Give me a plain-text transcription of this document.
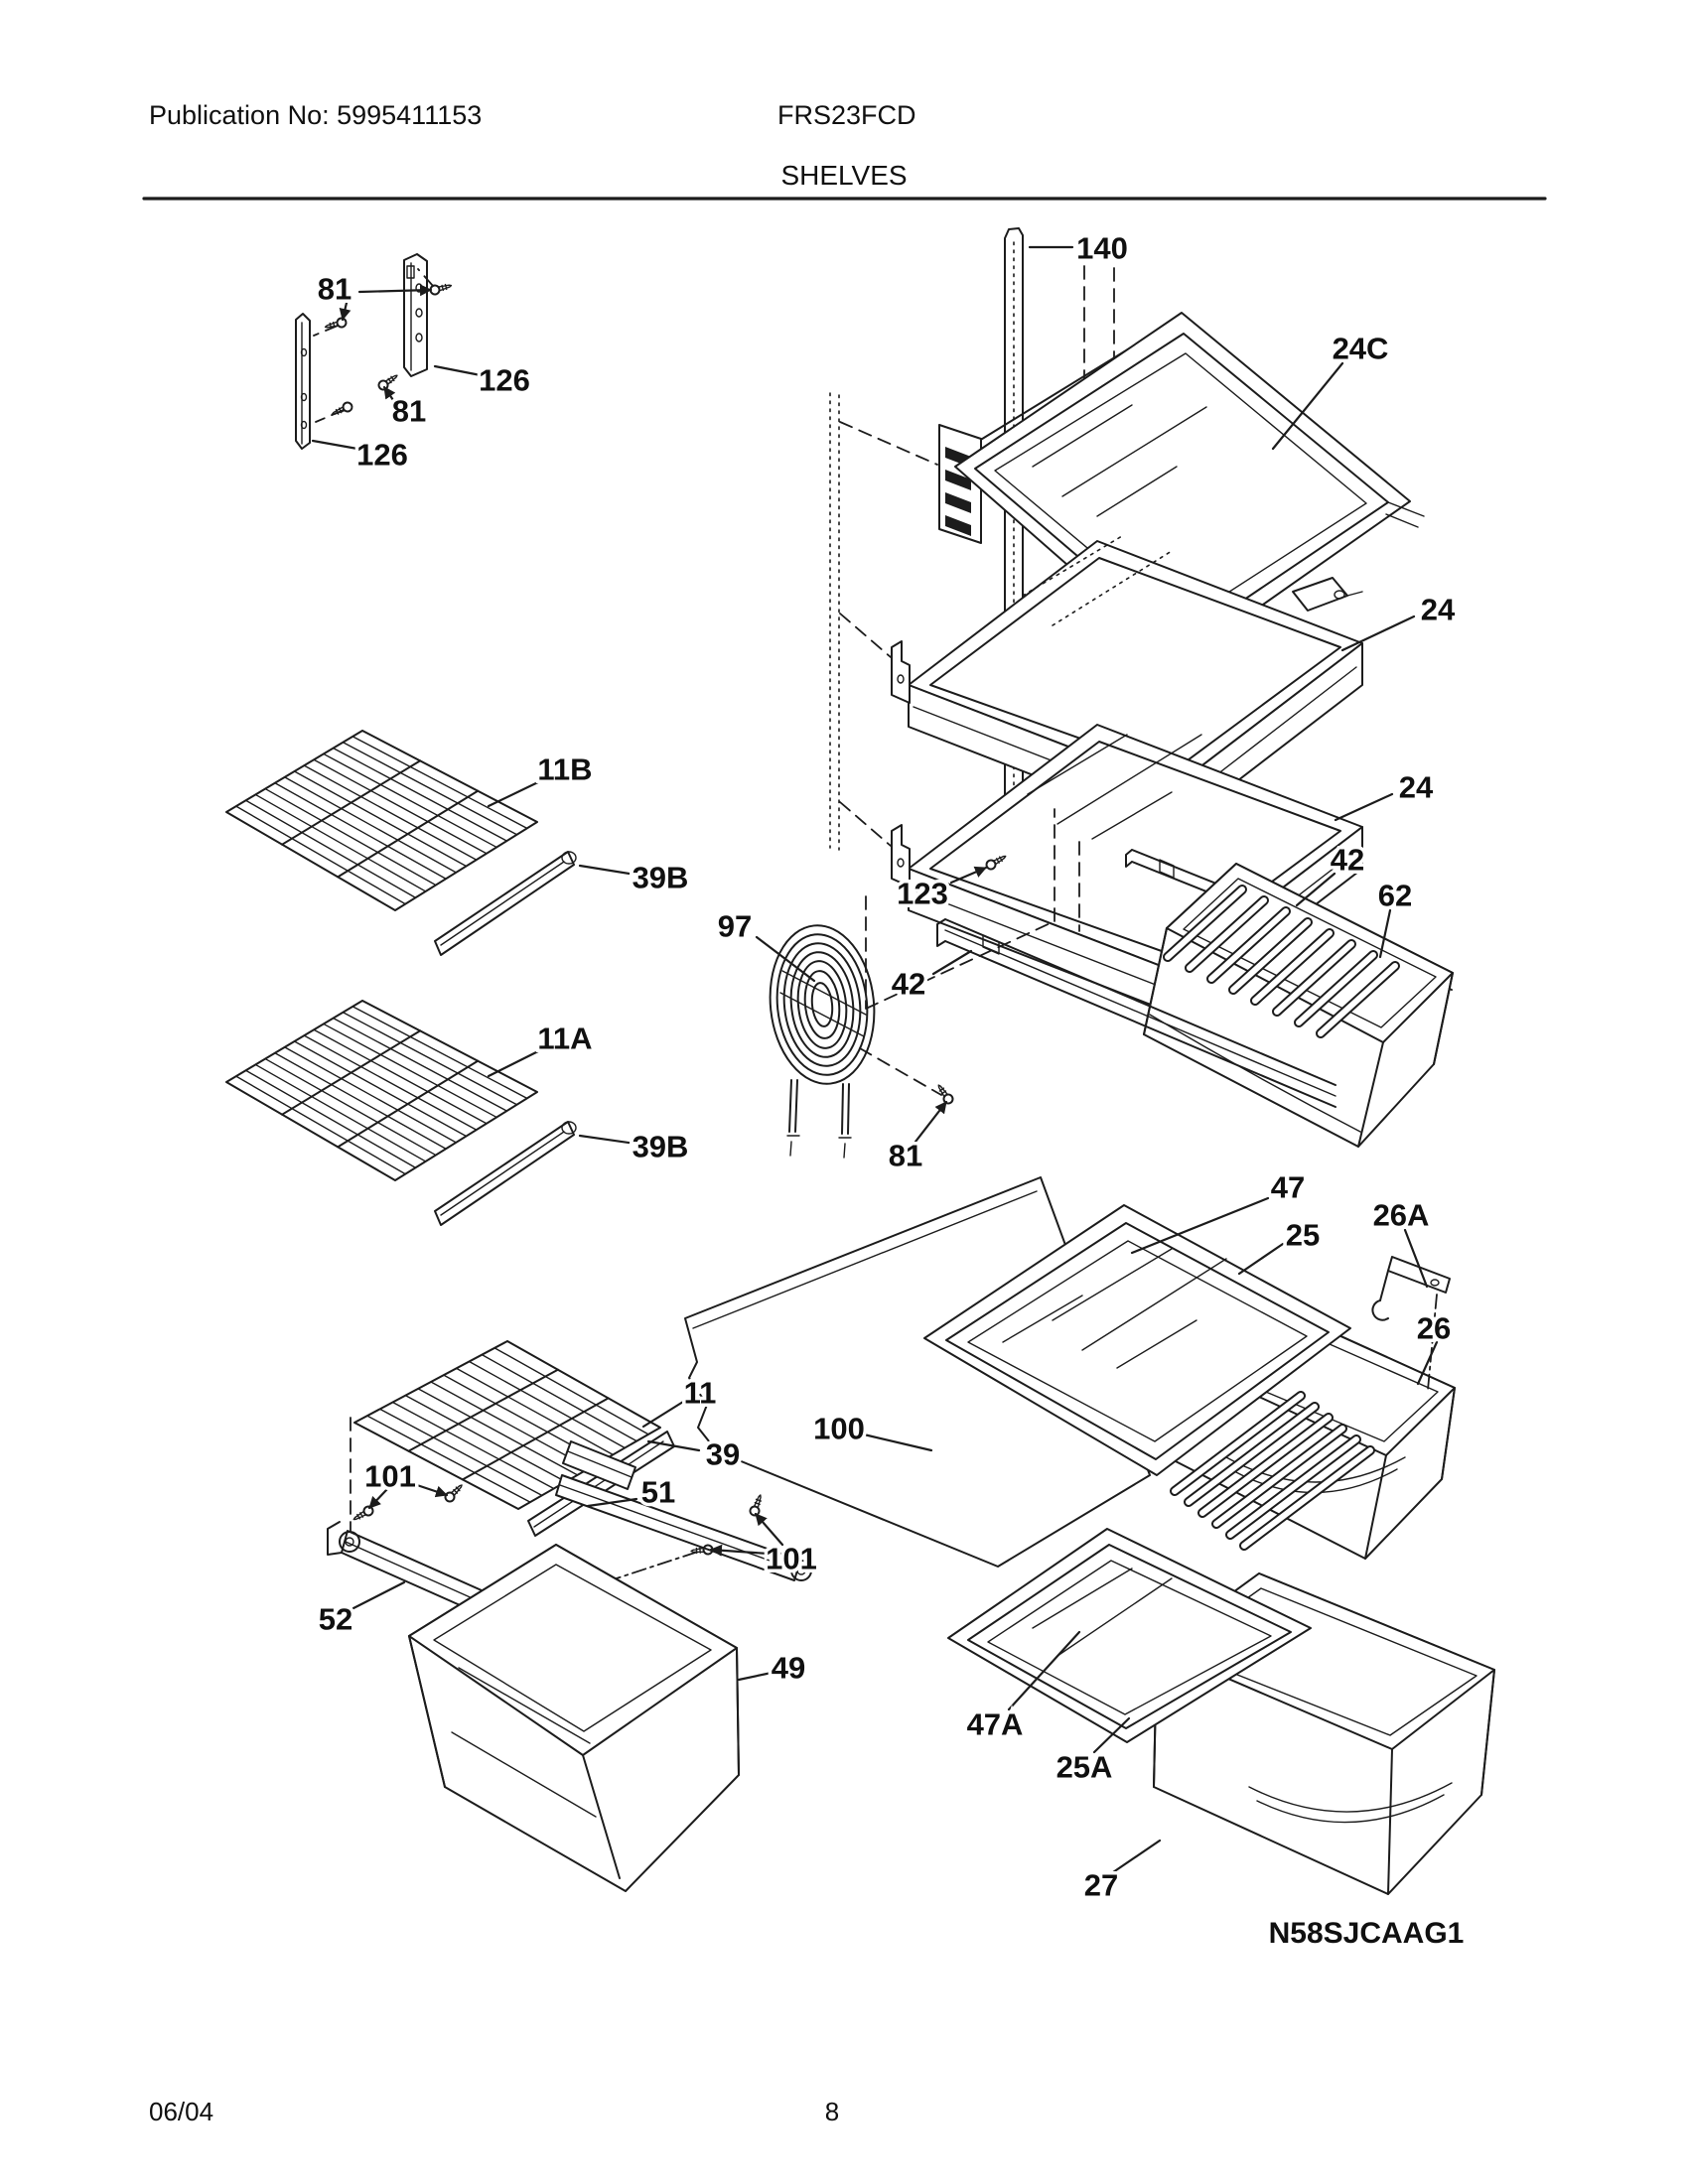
Publication No: 5995411153	FRS23FCD
SHELVES
06/04	8
N58SJCAAG1
81
126
81
126
140
24C
24
24
123
42
97
81
42
62
11B
39B
11A
39B
11
39
101	51
101
52
49
47
25
26A
26
100
47A
25A
27
